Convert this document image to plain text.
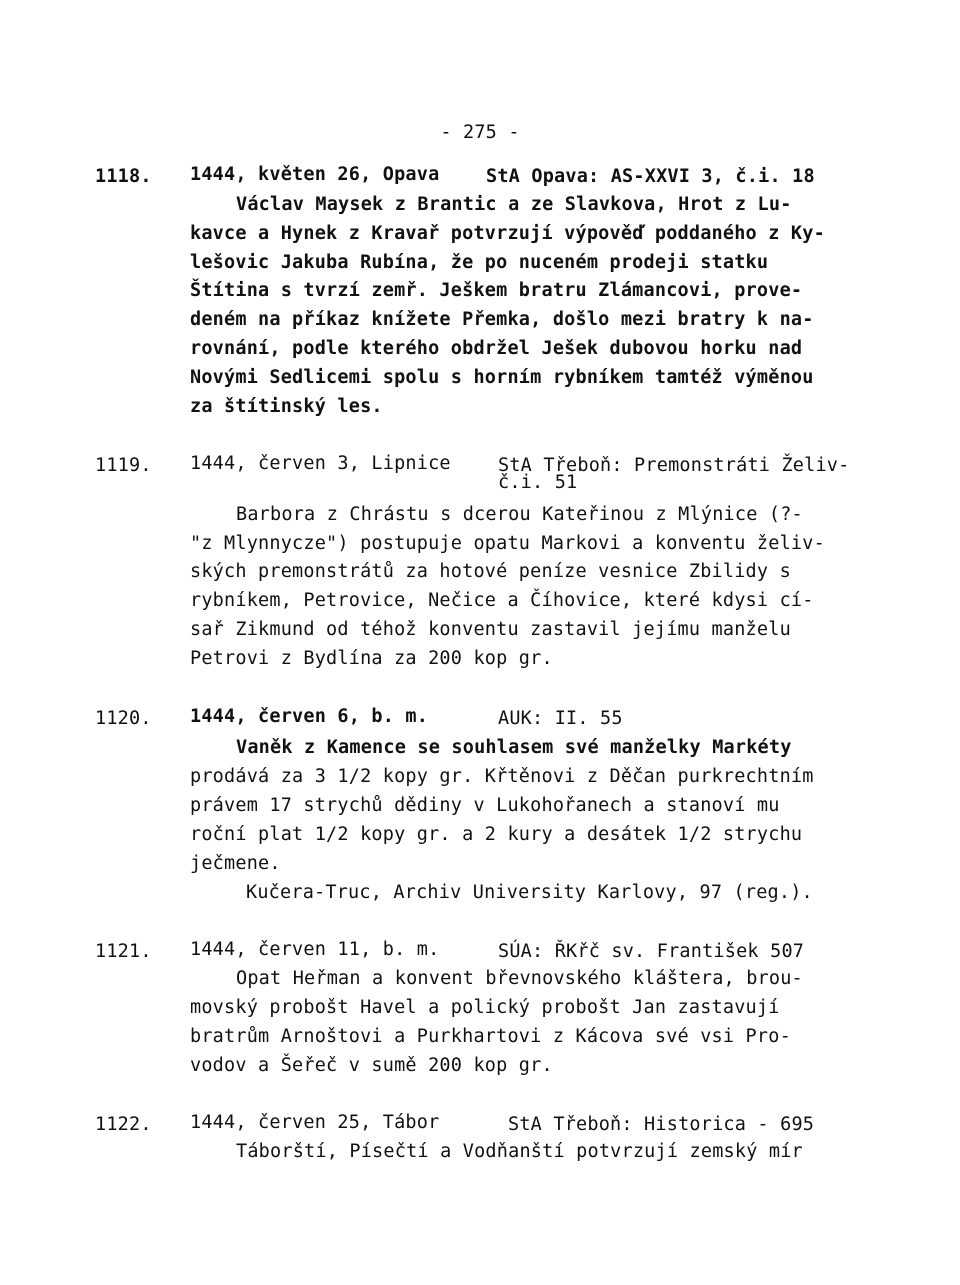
- 275 -
1118. 1444, květen 26, Opava	StA Opava: AS-XXVI 3, č.i. 18
Václav Maysek z Brantic a ze Slavkova, Hrot z Lu-
kavce a Hynek z Kravař potvrzují výpověď poddaného z Ky-
lešovic Jakuba Rubína, že po nuceném prodeji statku
Štítina s tvrzí zemř. Ješkem bratru Zlámancovi, prove-
deném na příkaz knížete Přemka, došlo mezi bratry k na-
rovnání, podle kterého obdržel Ješek dubovou horku nad
Novými Sedlicemi spolu s horním rybníkem tamtéž výměnou
za štítinský les.
1119. 1444, červen 3, Lipnice	StA Třeboň: Premonstráti Želiv-
č.i. 51
Barbora z Chrástu s dcerou Kateřinou z Mlýnice (?-
"z Mlynnycze") postupuje opatu Markovi a konventu želiv-
ských premonstrátů za hotové peníze vesnice Zbilidy s
rybníkem, Petrovice, Nečice a Číhovice, které kdysi cí-
sař Zikmund od téhož konventu zastavil jejímu manželu
Petrovi z Bydlína za 200 kop gr.
1120. 1444, červen 6, b. m.	AUK: II. 55
Vaněk z Kamence se souhlasem své manželky Markéty
prodává za 3 1/2 kopy gr. Křtěnovi z Děčan purkrechtním
právem 17 strychů dědiny v Lukohořanech a stanoví mu
roční plat 1/2 kopy gr. a 2 kury a desátek 1/2 strychu
ječmene.
Kučera-Truc, Archiv University Karlovy, 97 (reg.).
1121. 1444, červen 11, b. m.	SÚA: ŘKřč sv. František 507
Opat Heřman a konvent břevnovského kláštera, brou-
movský probošt Havel a polický probošt Jan zastavují
bratrům Arnoštovi a Purkhartovi z Kácova své vsi Pro-
vodov a Šeřeč v sumě 200 kop gr.
1122. 1444, červen 25, Tábor	StA Třeboň: Historica - 695
Táborští, Písečtí a Vodňanští potvrzují zemský mír
